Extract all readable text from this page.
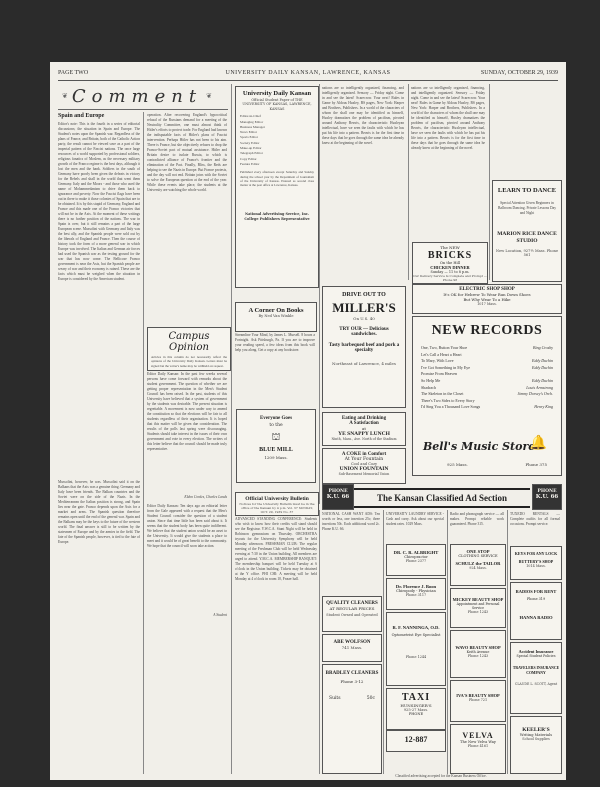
PAGE TWO	UNIVERSITY DAILY KANSAN, LAWRENCE, KANSAS	SUNDAY, OCTOBER 29, 1939
❦ Comment ❦
Spain and Europe
Editor's note: This is the fourth in a series of editorial discussions; the situation in Spain and Europe. The Student's notes upon the Spanish war. Regardless of the plans of France, and Britain, both of the Catholic Action party, the result cannot be viewed save as a part of the imperial pattern of the Fascist nations. The once large resources of a world supported by professional soldiers, religious fanatics of Moslem, as the necessary military growth of the Franco regime is the best days, although it lost the men and the bank. Soldiers in the south of Germany have poorly been given the defeats in victory for the Rebels and shall in the world that went them Germany. Italy and the Moors - and those who used the name of Mohammedanism to drive them back to ignorance and poverty. Now the Fascist flags have been out in there to make it those colonies of Spain that are to be obtained. It is by this stupid of Germany, England and France and this made one of the Franco victories that will not be in the Axis. At the moment of these writings there is no further position of the nations. The war in Spain is over, but it still remains a part of the large European scene. Mussolini with Germany and Italy was the best ally, and the Spanish people were sold out by the liberals of England and France. Then the course of history took the form of a more general war in which Europe was involved. The Italian and German air forces had used the Spanish war as the testing ground for the war that has now come. The Bellicose Franco government is near the Axis, but the Spanish people are weary of war and their economy is ruined. These are the facts which must be weighed when the situation in Europe is considered by the American student.
Mussolini, however, he was. Mussolini said it on the Balkans that the Axis was a genuine thing. Germany and Italy have been friends. The Balkan countries and the Soviet were on the side of the Nazis. In the Mediterranean the Italian position is strong, and Spain lies near the gate. Franco depends upon the Axis for a market and arms. The Spanish question therefore remains open until the end of the general war. Spain and the Balkans may be the keys to the future of the western world. The final answer is still to be written by the statesmen of Europe and by the armies in the field. The fate of the Spanish people, however, is tied to the fate of Europe.
operation. After recovering England's hypocritical refusal of the Russians demand for a meeting of the Neutrality Committee, one must almost think of Hitler's efforts to protect trade. For England had known the indisputable facts of Hitler's plans of Fascist intervention. Perhaps Hitler has not been to his aim. There is France, but she objectively refuses to drop the Franco-Soviet pact of mutual assistance. Hitler and Britain desire to isolate Russia, to which is contradicted alliance of France's frontier and the elimination of the Pact. Finally, Bliss, the Reds are helping to see the Nazis in Europe. But France protests, and the day will not end. Britain joins with the Soviet to solve the European question at the end of the year. While these events take place, the students at the University are watching the whole world.
Campus Opinion
Articles in this column do not necessarily reflect the opinions of the University Daily Kansan. Letters must be signed but the writer's name may be withheld on request.
Editor Daily Kansan: In the past few weeks several persons have come forward with remarks about the student government. The question of whether we are getting proper representation in the Men's Student Council has been raised. In the past, students of this University have believed that a system of government by the students was desirable. The present situation is regrettable. A movement is now under way to amend the constitution so that the elections will be fair to all students regardless of their organization. It is hoped that this matter will be given due consideration. The results of the polls last spring were discouraging. Students should take interest in the issues of their own government and vote in every election. The writers of this letter believe that the council should be made truly representative.
Eldon Cordes, Charles Lands
Editor Daily Kansan: Ten days ago an editorial letter from the Gale appeared with a request that the Men's Student Council consider the question of a student union. Since that time little has been said about it. It seems that the student body has been quite indifferent. We believe that the student union would be an asset to the University. It would give the students a place to meet and it would be of great benefit to the community. We hope that the council will soon take action.
A Student
University Daily Kansan
Official Student Paper of THE UNIVERSITY OF KANSAS, LAWRENCE, KANSAS
Editor-in-Chief
Managing Editor
Business Manager
News Editor
Sports Editor
Society Editor
Make-up Editor
Telegraph Editor
Copy Editor
Feature Editor
Published every afternoon except Saturday and Sunday during the school year by the Department of Journalism of the University of Kansas. Entered as second class matter at the post office at Lawrence, Kansas.
National Advertising Service, Inc. College Publishers Representative
A Corner On Books
By Ned Van Winkle
Streamline Your Mind, by James L. Mursell. 8 hours a Fortnight. Ask Pittsburgh, Pa. If you are to improve your reading speed, a few ideas from this book will help you along. Get a copy at any bookstore.
Everyone Goes
to the
⛫
BLUE MILL
1209 Mass.
nations are so intelligently organized, financing, and intelligently organized. Sensory — Friday night. Come in and see the latest! Scarecrow. Your next! Rules in Game by Aldous Huxley, BS pages, New York: Harper and Brothers, Publishers. In a world of the characters of whom the shall one may be identified as himself, Huxley dramatizes the problem of pacifism, pivoted around Anthony Beavis, the characteristic Huxleyan intellectual, have we seen the faults with which he has put his life into a pattern. Beavis is for the first time in these days that he goes through the same idea he already knew at the beginning of the novel.
DRIVE OUT TO
MILLER'S
On U.S. 40
TRY OUR — Delicious sandwiches.
Tasty barbequed beef and pork a specialty
Northeast of Lawrence, 4 miles
Eating and Drinking
A Satisfaction
at
YE SNAPPY LUNCH
Ninth, Mass., Ave. North of the Stadium
A COKE in Comfort
At Your Fountain
Cool and Cozy
UNION FOUNTAIN
Sub-Basement Memorial Union
nations are so intelligently organized, financing, and intelligently organized. Sensory — Friday night. Come in and see the latest! Scarecrow. Your next! Rules in Game by Aldous Huxley, BS pages, New York: Harper and Brothers, Publishers. In a world of the characters of whom the shall one may be identified as himself, Huxley dramatizes the problem of pacifism, pivoted around Anthony Beavis, the characteristic Huxleyan intellectual, have we seen the faults with which he has put his life into a pattern. Beavis is for the first time in these days that he goes through the same idea he already knew at the beginning of the novel.
The NEW
BRICKS
On the Hill
CHICKEN DINNER
Sunday — 11 to 8 p.m.
Our Delivery Service Is Complete and Prompt — Phone 98
LEARN TO DANCE
Special Attention Given Beginners in Ballroom Dancing. Private Lessons Day and Night
MARION RICE DANCE STUDIO
New Location, 927½ Mass. Phone 561
ELECTRIC SHOP SHOP
It's OK for Hebrew To Wear Run Down Shoes
But Why Wear To a Hike
1017 Mass.
NEW RECORDS
One, Two, Button Your Shoe	Bing Crosby
Let's Call a Heart a Heart
To Mary, With Love	Eddy Duchin
I've Got Something in My Eye	Eddy Duchin
Promise From Heaven
So Help Me	Eddy Duchin
Shadrach	Louis Armstrong
The Skeleton in the Closet	Jimmy Dorsey's Orch.
There's Two Sides to Every Story
I'd Sing You a Thousand Love Songs	Henry King
Bell's Music Store
🔔
925 Mass.	Phone 375
PHONE
K.U. 66	The Kansan Classified Ad Section
PHONE
K.U. 66
Official University Bulletin
Notices for the University Bulletin must be in the office of the Kansan by 4 p.m. Vol. 37 SUNDAY, OCT. 29, 1939 No. 37
ADVANCED STANDING CONFERENCE: Students who wish to know how their credits will stand should see the Registrar. Y.W.C.A. Stunt Night will be held in Robinson gymnasium on Thursday. ORCHESTRA tryouts for the University Symphony will be held Monday afternoon. FRESHMAN CLUB: The regular meeting of the Freshman Club will be held Wednesday evening at 7:30 in the Union building. All members are urged to attend. Y.M.C.A. MEMBERSHIP BANQUET: The membership banquet will be held Tuesday at 6 o'clock in the Union building. Tickets may be obtained at the Y office. PHI CHI: A meeting will be held Monday at 4 o'clock in room 10, Fraser hall.
NATIONAL CASH WANT ADS: Ten words or less, one insertion 25c; three insertions 50c. Each additional word 2c. Phone K.U. 66.
QUALITY CLEANERS
AT REGULAR PRICES
Student Owned and Operated
ABE WOLFSON
741 Mass.
BRADLEY CLEANERS
Phone 3-12
Suits	50c
UNIVERSITY LAUNDRY SERVICE - Cash and carry. Ask about our special student rates. 1029 Mass.
DR. C. R. ALBRIGHT
Chiropractor
Phone 2377
Dr. Florence J. Boon
Chiropody - Physician
Phone 3117
R. F. NANNINGA, O.D.
Optometrist Eye Specialist
Phone 1244
TAXI
HUNSINGER'S
925-27 Mass.
PHONE
12-887
Radio and phonograph service — all makes. Prompt reliable work guaranteed. Phone 315.
ONE STOP
CLOTHING SERVICE
SCHULZ the TAILOR
924 Mass.
MICKEY BEAUTY SHOP
Appointment and Personal Service
Phone 1243
WAVO BEAUTY SHOP
Keith Avenue
Phone 1243
IVA'S BEAUTY SHOP
Phone 721
VELVA
The New Velva Way
Phone 4161
TUXEDO RENTALS — Complete outfits for all formal occasions. Prompt service.
KEYS FOR ANY LOCK
BUTTERY'S SHOP
1014 Mass.
RADIOS FOR RENT
Phone 319
HANNA RADIO
Accident Insurance
Special Student Policies
TRAVELERS INSURANCE COMPANY
CLAUDE L. SCOTT, Agent
KEELER'S
Writing Materials
School Supplies
Classified advertising accepted for the Kansan Business Office.
